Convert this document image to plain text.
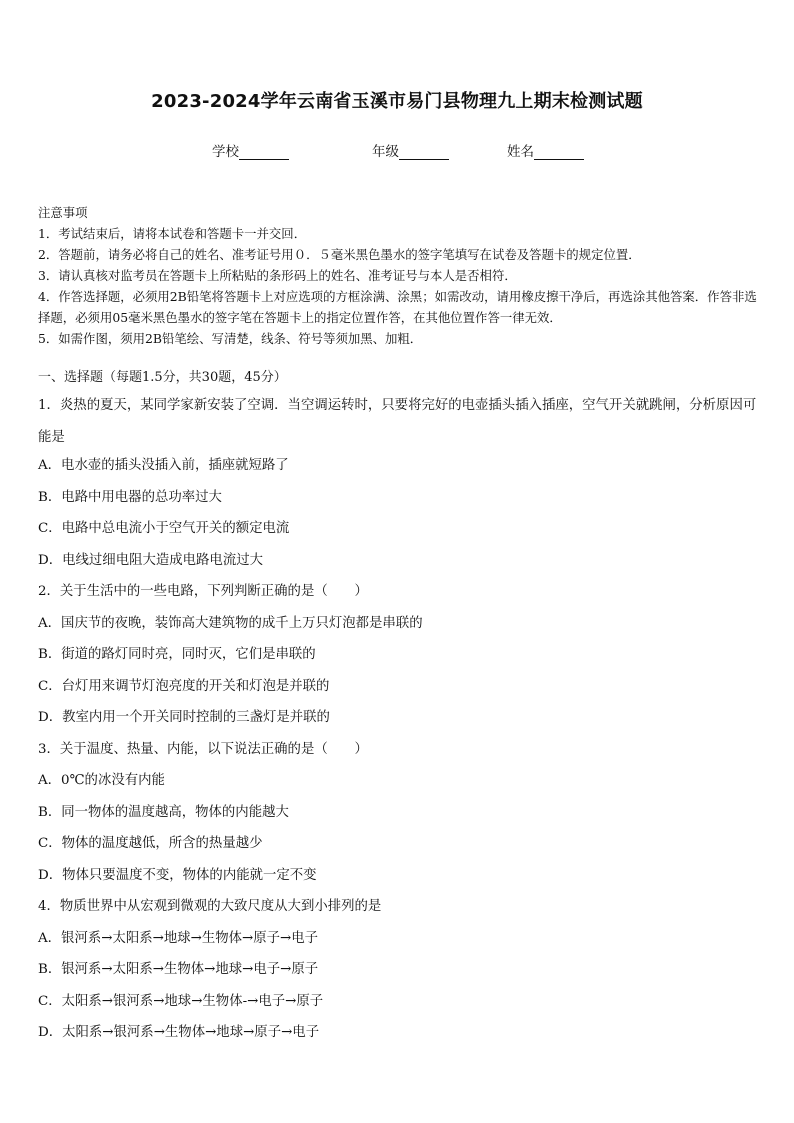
2023-2024学年云南省玉溪市易门县物理九上期末检测试题
学校	年级	姓名

注意事项

1．考试结束后，请将本试卷和答题卡一并交回．

2．答题前，请务必将自己的姓名、准考证号用０．５毫米黑色墨水的签字笔填写在试卷及答题卡的规定位置．

3．请认真核对监考员在答题卡上所粘贴的条形码上的姓名、准考证号与本人是否相符．

4．作答选择题，必须用2B铅笔将答题卡上对应选项的方框涂满、涂黑；如需改动，请用橡皮擦干净后，再选涂其他答案．作答非选择题，必须用05毫米黑色墨水的签字笔在答题卡上的指定位置作答，在其他位置作答一律无效．

5．如需作图，须用2B铅笔绘、写清楚，线条、符号等须加黑、加粗．

一、选择题（每题1.5分，共30题，45分）
1．炎热的夏天，某同学家新安装了空调．当空调运转时，只要将完好的电壶插头插入插座，空气开关就跳闸，分析原因可能是
A．电水壶的插头没插入前，插座就短路了
B．电路中用电器的总功率过大
C．电路中总电流小于空气开关的额定电流
D．电线过细电阻大造成电路电流过大
2．关于生活中的一些电路，下列判断正确的是（　　）
A．国庆节的夜晚，装饰高大建筑物的成千上万只灯泡都是串联的
B．街道的路灯同时亮，同时灭，它们是串联的
C．台灯用来调节灯泡亮度的开关和灯泡是并联的
D．教室内用一个开关同时控制的三盏灯是并联的
3．关于温度、热量、内能，以下说法正确的是（　　）
A．0℃的冰没有内能
B．同一物体的温度越高，物体的内能越大
C．物体的温度越低，所含的热量越少
D．物体只要温度不变，物体的内能就一定不变
4．物质世界中从宏观到微观的大致尺度从大到小排列的是
A．银河系→太阳系→地球→生物体→原子→电子
B．银河系→太阳系→生物体→地球→电子→原子
C．太阳系→银河系→地球→生物体-→电子→原子
D．太阳系→银河系→生物体→地球→原子→电子
